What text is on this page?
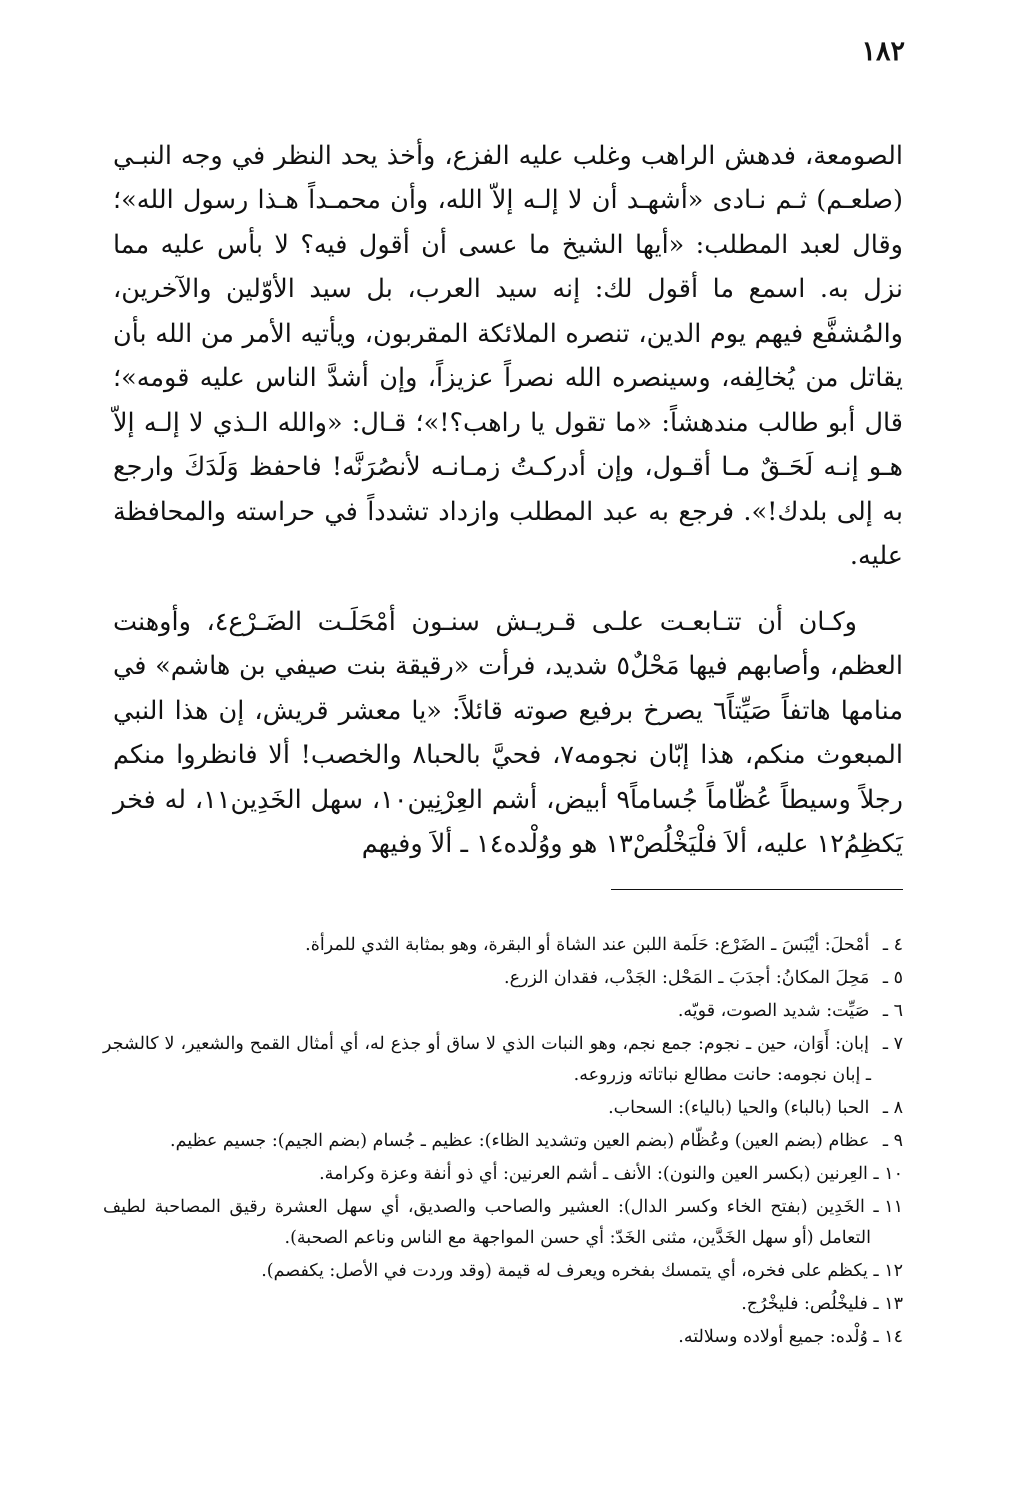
١٨٢

الصومعة، فدهش الراهب وغلب عليه الفزع، وأخذ يحد النظر في وجه النبـي (صلعـم) ثـم نـادى «أشهـد أن لا إلـه إلاّ الله، وأن محمـداً هـذا رسول الله»؛ وقال لعبد المطلب: «أيها الشيخ ما عسى أن أقول فيه؟ لا بأس عليه مما نزل به. اسمع ما أقول لك: إنه سيد العرب، بل سيد الأوّلين والآخرين، والمُشفَّع فيهم يوم الدين، تنصره الملائكة المقربون، ويأتيه الأمر من الله بأن يقاتل من يُخالِفه، وسينصره الله نصراً عزيزاً، وإن أشدَّ الناس عليه قومه»؛ قال أبو طالب مندهشاً: «ما تقول يا راهب؟!»؛ قـال: «والله الـذي لا إلـه إلاّ هـو إنـه لَحَـقٌ مـا أقـول، وإن أدركـتُ زمـانـه لأنصُرَنَّه! فاحفظ وَلَدَكَ وارجع به إلى بلدك!». فرجع به عبد المطلب وازداد تشدداً في حراسته والمحافظة عليه.

وكـان أن تتـابعـت علـى قـريـش سنـون أمْحَلَـت الضَـرْع٤، وأوهنت العظم، وأصابهم فيها مَحْلٌ٥ شديد، فرأت «رقيقة بنت صيفي بن هاشم» في منامها هاتفاً صَيِّتاً٦ يصرخ برفيع صوته قائلاً: «يا معشر قريش، إن هذا النبي المبعوث منكم، هذا إبّان نجومه٧، فحيَّ بالحبا٨ والخصب! ألا فانظروا منكم رجلاً وسيطاً عُظّاماً جُساماً٩ أبيض، أشم العِرْنِين١٠، سهل الخَدِين١١، له فخر يَكظِمُ١٢ عليه، ألاَ فلْيَخْلُصْ١٣ هو ووُلْده١٤ ـ ألاَ وفيهم

٤ ـ أمْحلَ: أيْبَسَ ـ الضَرْع: حَلَمة اللبن عند الشاة أو البقرة، وهو بمثابة الثدي للمرأة.
٥ ـ مَحِلَ المكانُ: أجدَبَ ـ المَحْل: الجَدْب، فقدان الزرع.
٦ ـ صَيِّت: شديد الصوت، قويّه.
٧ ـ إبان: أَوَان، حين ـ نجوم: جمع نجم، وهو النبات الذي لا ساق أو جذع له، أي أمثال القمح والشعير، لا كالشجر ـ إبان نجومه: حانت مطالع نباتاته وزروعه.
٨ ـ الحبا (بالباء) والحيا (بالياء): السحاب.
٩ ـ عظام (بضم العين) وعُظّام (بضم العين وتشديد الظاء): عظيم ـ جُسام (بضم الجيم): جسيم عظيم.
١٠ ـ العِرنين (بكسر العين والنون): الأنف ـ أشم العرنين: أي ذو أنفة وعزة وكرامة.
١١ ـ الخَدِين (بفتح الخاء وكسر الدال): العشير والصاحب والصديق، أي سهل العشرة رقيق المصاحبة لطيف التعامل (أو سهل الخَدَّين، مثنى الخَدّ: أي حسن المواجهة مع الناس وناعم الصحبة).
١٢ ـ يكظم على فخره، أي يتمسك بفخره ويعرف له قيمة (وقد وردت في الأصل: يكفصم).
١٣ ـ فليخْلُص: فليخْرُج.
١٤ ـ وُلْده: جميع أولاده وسلالته.
